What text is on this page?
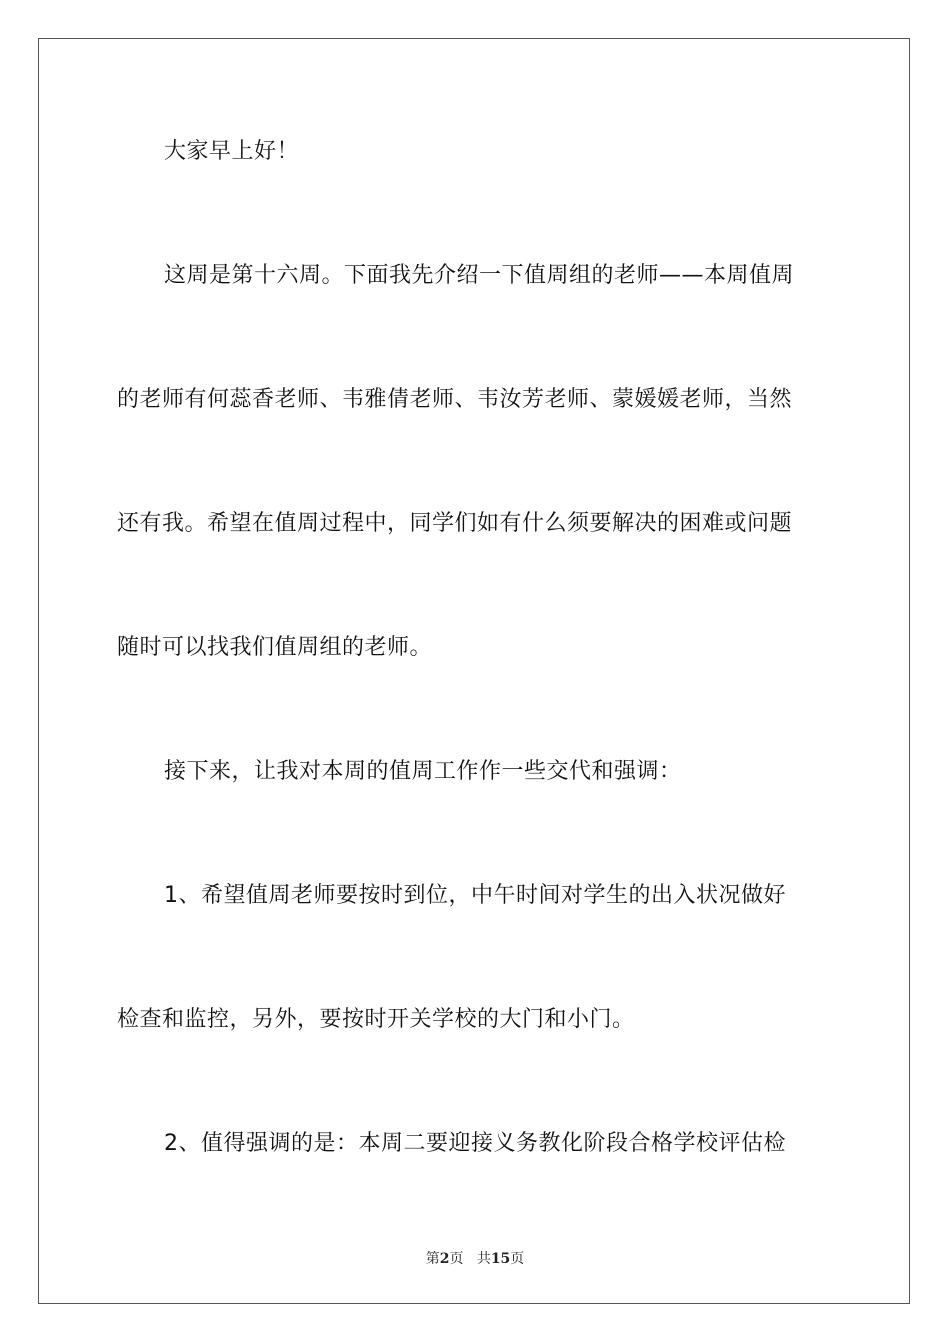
大家早上好！
这周是第十六周。下面我先介绍一下值周组的老师——本周值周
的老师有何蕊香老师、韦雅倩老师、韦汝芳老师、蒙媛媛老师，当然
还有我。希望在值周过程中，同学们如有什么须要解决的困难或问题
随时可以找我们值周组的老师。
接下来，让我对本周的值周工作作一些交代和强调：
1、希望值周老师要按时到位，中午时间对学生的出入状况做好
检查和监控，另外，要按时开关学校的大门和小门。
2、值得强调的是：本周二要迎接义务教化阶段合格学校评估检
第2页 共15页
